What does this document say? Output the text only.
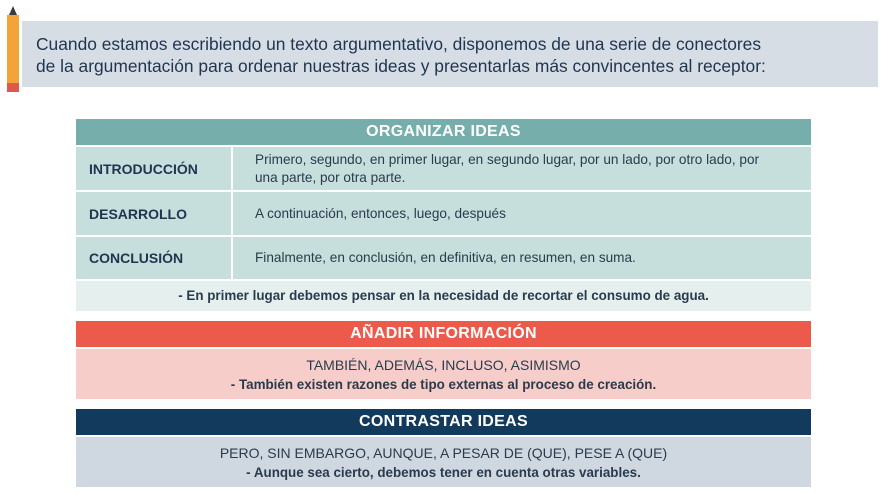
Cuando estamos escribiendo un texto argumentativo, disponemos de una serie de conectores
de la argumentación para ordenar nuestras ideas y presentarlas más convincentes al receptor:

ORGANIZAR IDEAS
INTRODUCCIÓN
Primero, segundo, en primer lugar, en segundo lugar, por un lado, por otro lado, por una parte, por otra parte.
DESARROLLO	A continuación, entonces, luego, después
CONCLUSIÓN	Finalmente, en conclusión, en definitiva, en resumen, en suma.
- En primer lugar debemos pensar en la necesidad de recortar el consumo de agua.
AÑADIR INFORMACIÓN
TAMBIÉN, ADEMÁS, INCLUSO, ASIMISMO
- También existen razones de tipo externas al proceso de creación.
CONTRASTAR IDEAS
PERO, SIN EMBARGO, AUNQUE, A PESAR DE (QUE), PESE A (QUE)
- Aunque sea cierto, debemos tener en cuenta otras variables.
